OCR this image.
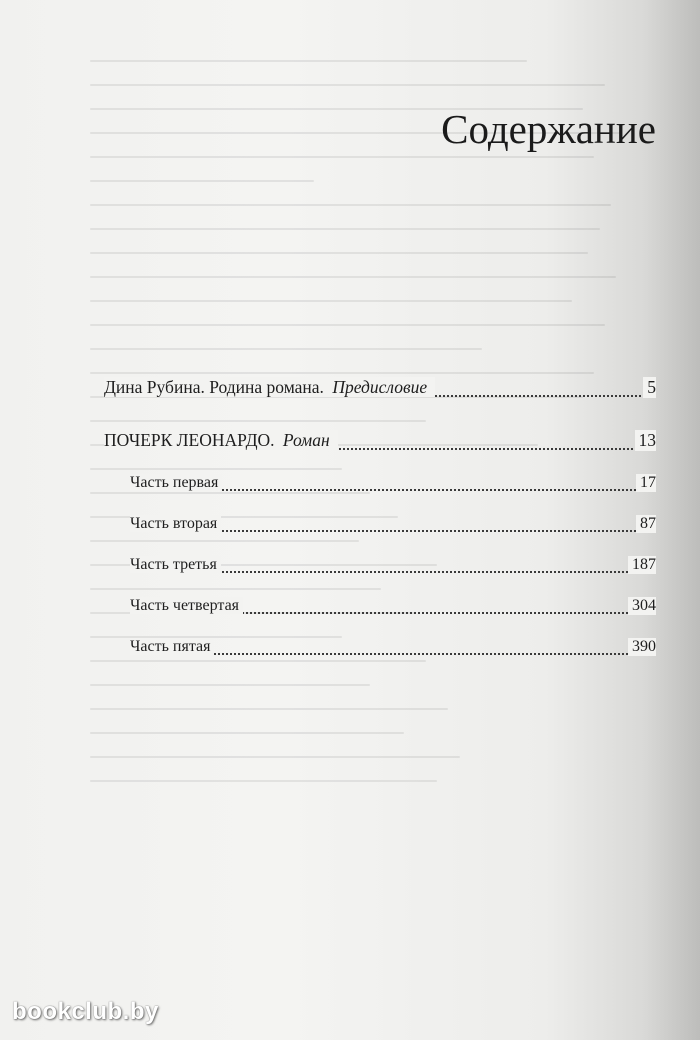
Содержание
Дина Рубина. Родина романа. Предисловие	5
ПОЧЕРК ЛЕОНАРДО. Роман	13
Часть первая	17
Часть вторая	87
Часть третья	187
Часть четвертая	304
Часть пятая	390
bookclub.by
